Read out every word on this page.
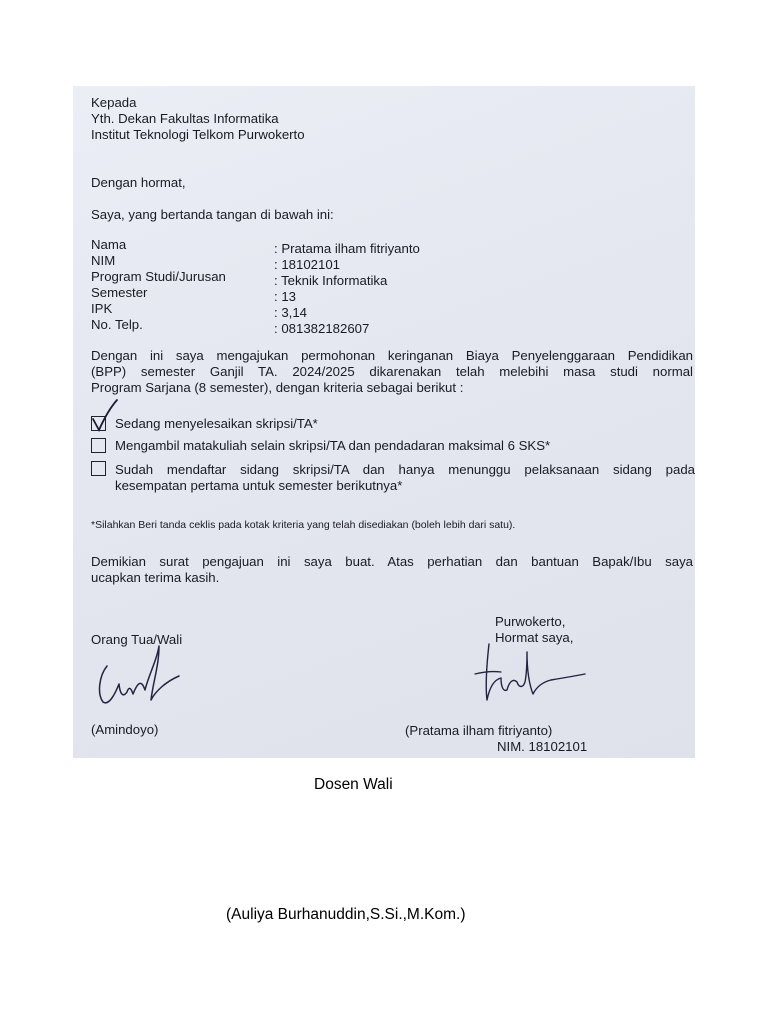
Kepada
Yth. Dekan Fakultas Informatika
Institut Teknologi Telkom Purwokerto
Dengan hormat,
Saya, yang bertanda tangan di bawah ini:
Nama	: Pratama ilham fitriyanto
NIM	: 18102101
Program Studi/Jurusan	: Teknik Informatika
Semester	: 13
IPK	: 3,14
No. Telp.	: 081382182607
Dengan ini saya mengajukan permohonan keringanan Biaya Penyelenggaraan Pendidikan
(BPP) semester Ganjil TA. 2024/2025 dikarenakan telah melebihi masa studi normal
Program Sarjana (8 semester), dengan kriteria sebagai berikut :
Sedang menyelesaikan skripsi/TA*
Mengambil matakuliah selain skripsi/TA dan pendadaran maksimal 6 SKS*
Sudah mendaftar sidang skripsi/TA dan hanya menunggu pelaksanaan sidang pada
kesempatan pertama untuk semester berikutnya*
*Silahkan Beri tanda ceklis pada kotak kriteria yang telah disediakan (boleh lebih dari satu).
Demikian surat pengajuan ini saya buat. Atas perhatian dan bantuan Bapak/Ibu saya
ucapkan terima kasih.
Purwokerto,
Hormat saya,
Orang Tua/Wali
(Amindoyo)	(Pratama ilham fitriyanto)
NIM. 18102101
Dosen Wali
(Auliya Burhanuddin,S.Si.,M.Kom.)
